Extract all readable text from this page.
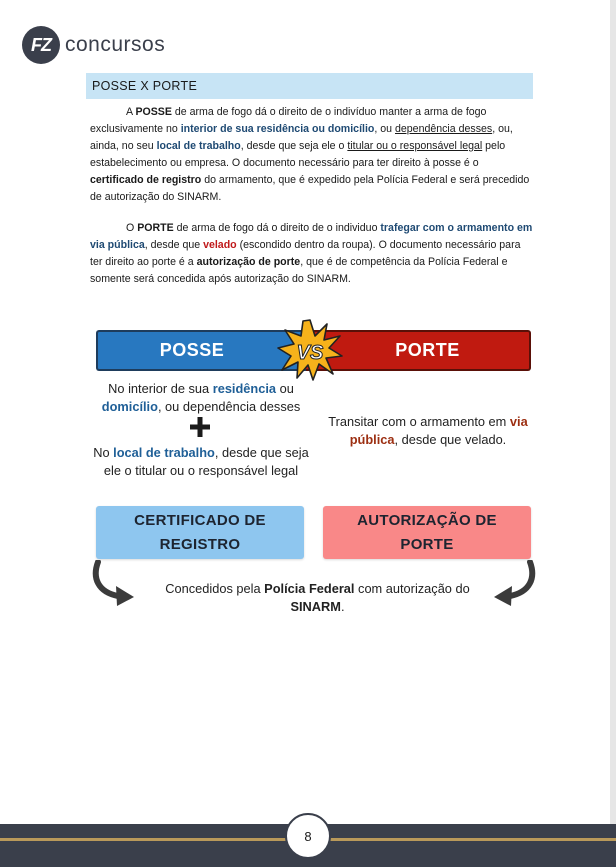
FZ concursos
POSSE X PORTE

A POSSE de arma de fogo dá o direito de o indivíduo manter a arma de fogo exclusivamente no interior de sua residência ou domicílio, ou dependência desses, ou, ainda, no seu local de trabalho, desde que seja ele o titular ou o responsável legal pelo estabelecimento ou empresa. O documento necessário para ter direito à posse é o certificado de registro do armamento, que é expedido pela Polícia Federal e será precedido de autorização do SINARM.

O PORTE de arma de fogo dá o direito de o individuo trafegar com o armamento em via pública, desde que velado (escondido dentro da roupa). O documento necessário para ter direito ao porte é a autorização de porte, que é de competência da Polícia Federal e somente será concedida após autorização do SINARM.

POSSE	PORTE
VS

No interior de sua residência ou domicílio, ou dependência desses

No local de trabalho, desde que seja ele o titular ou o responsável legal

Transitar com o armamento em via pública, desde que velado.

CERTIFICADO DE REGISTRO
AUTORIZAÇÃO DE PORTE

Concedidos pela Polícia Federal com autorização do SINARM.

8
